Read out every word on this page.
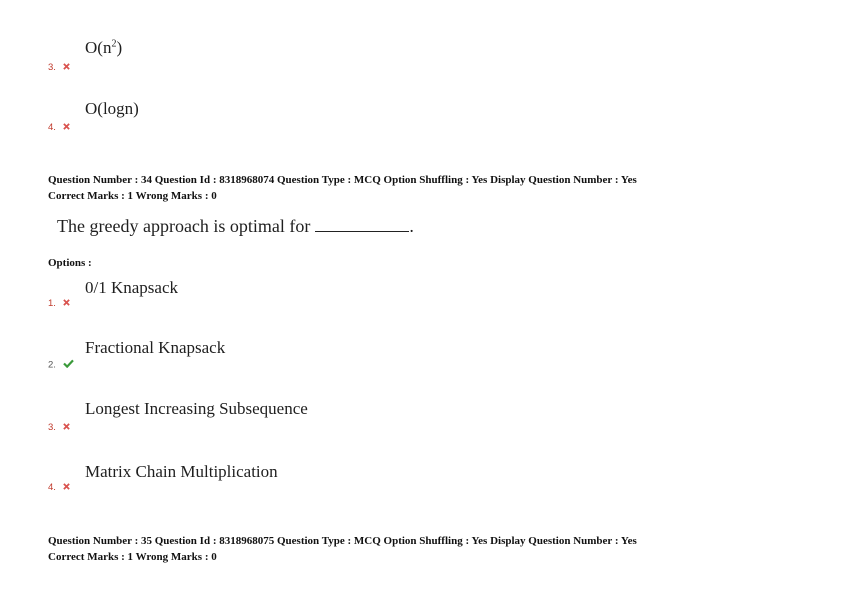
$O(n^2)$
3.
O(logn)
4.
Question Number : 34 Question Id : 8318968074 Question Type : MCQ Option Shuffling : Yes Display Question Number : Yes
Correct Marks : 1 Wrong Marks : 0
The greedy approach is optimal for	.
Options :
0/1 Knapsack
1.
Fractional Knapsack
2.
Longest Increasing Subsequence
3.
Matrix Chain Multiplication
4.
Question Number : 35 Question Id : 8318968075 Question Type : MCQ Option Shuffling : Yes Display Question Number : Yes
Correct Marks : 1 Wrong Marks : 0
